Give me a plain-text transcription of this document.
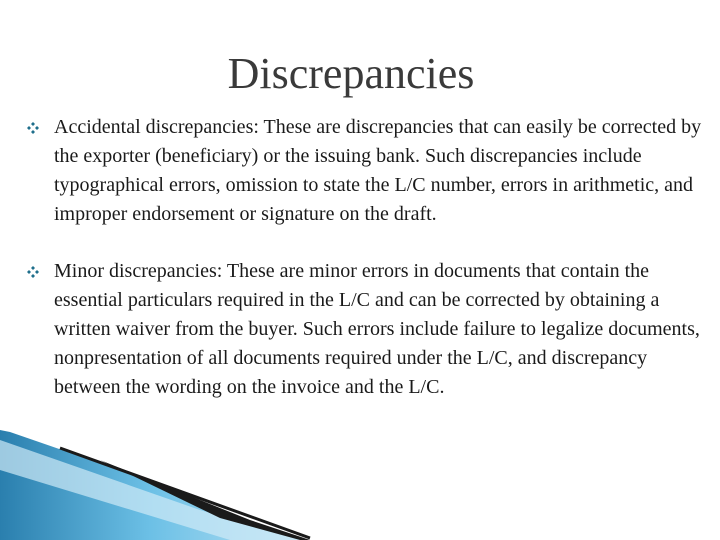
Discrepancies
Accidental discrepancies: These are discrepancies that can easily be corrected by the exporter (beneficiary) or the issuing bank. Such discrepancies include typographical errors, omission to state the L/C number, errors in arithmetic, and improper endorsement or signature on the draft.
Minor discrepancies: These are minor errors in documents that contain the essential particulars required in the L/C and can be corrected by obtaining a written waiver from the buyer. Such errors include failure to legalize documents, nonpresentation of all documents required under the L/C, and discrepancy between the wording on the invoice and the L/C.
